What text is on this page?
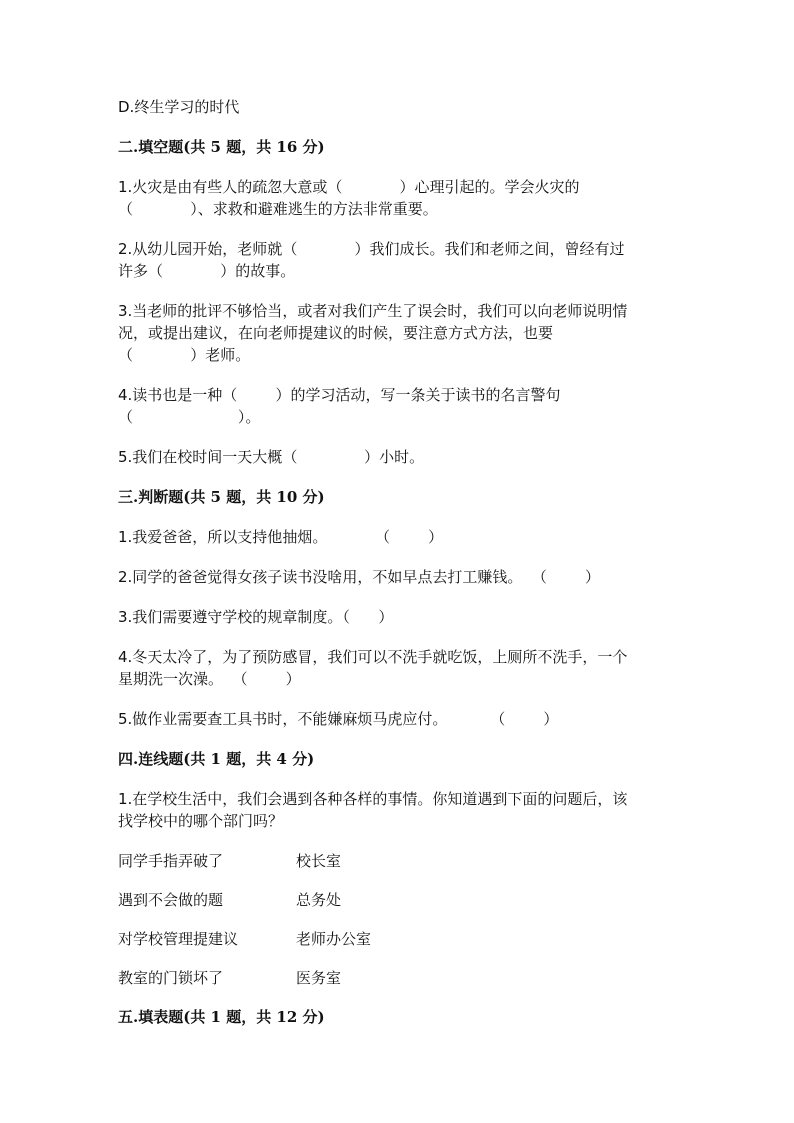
D.终生学习的时代

二.填空题(共 5 题，共 16 分)

1.火灾是由有些人的疏忽大意或（            ）心理引起的。学会火灾的

（            ）、求救和避难逃生的方法非常重要。

2.从幼儿园开始，老师就（            ）我们成长。我们和老师之间，曾经有过

许多（            ）的故事。

3.当老师的批评不够恰当，或者对我们产生了误会时，我们可以向老师说明情

况，或提出建议，在向老师提建议的时候，要注意方式方法，也要

（            ）老师。

4.读书也是一种（        ）的学习活动，写一条关于读书的名言警句

（                      ）。

5.我们在校时间一天大概（              ）小时。

三.判断题(共 5 题，共 10 分)

1.我爱爸爸，所以支持他抽烟。          （        ）

2.同学的爸爸觉得女孩子读书没啥用，不如早点去打工赚钱。  （        ）

3.我们需要遵守学校的规章制度。（      ）

4.冬天太冷了，为了预防感冒，我们可以不洗手就吃饭，上厕所不洗手，一个

星期洗一次澡。  （        ）

5.做作业需要查工具书时，不能嫌麻烦马虎应付。         （        ）

四.连线题(共 1 题，共 4 分)

1.在学校生活中，我们会遇到各种各样的事情。你知道遇到下面的问题后，该

找学校中的哪个部门吗？

同学手指弄破了	校长室
遇到不会做的题	总务处
对学校管理提建议	老师办公室
教室的门锁坏了	医务室

五.填表题(共 1 题，共 12 分)
